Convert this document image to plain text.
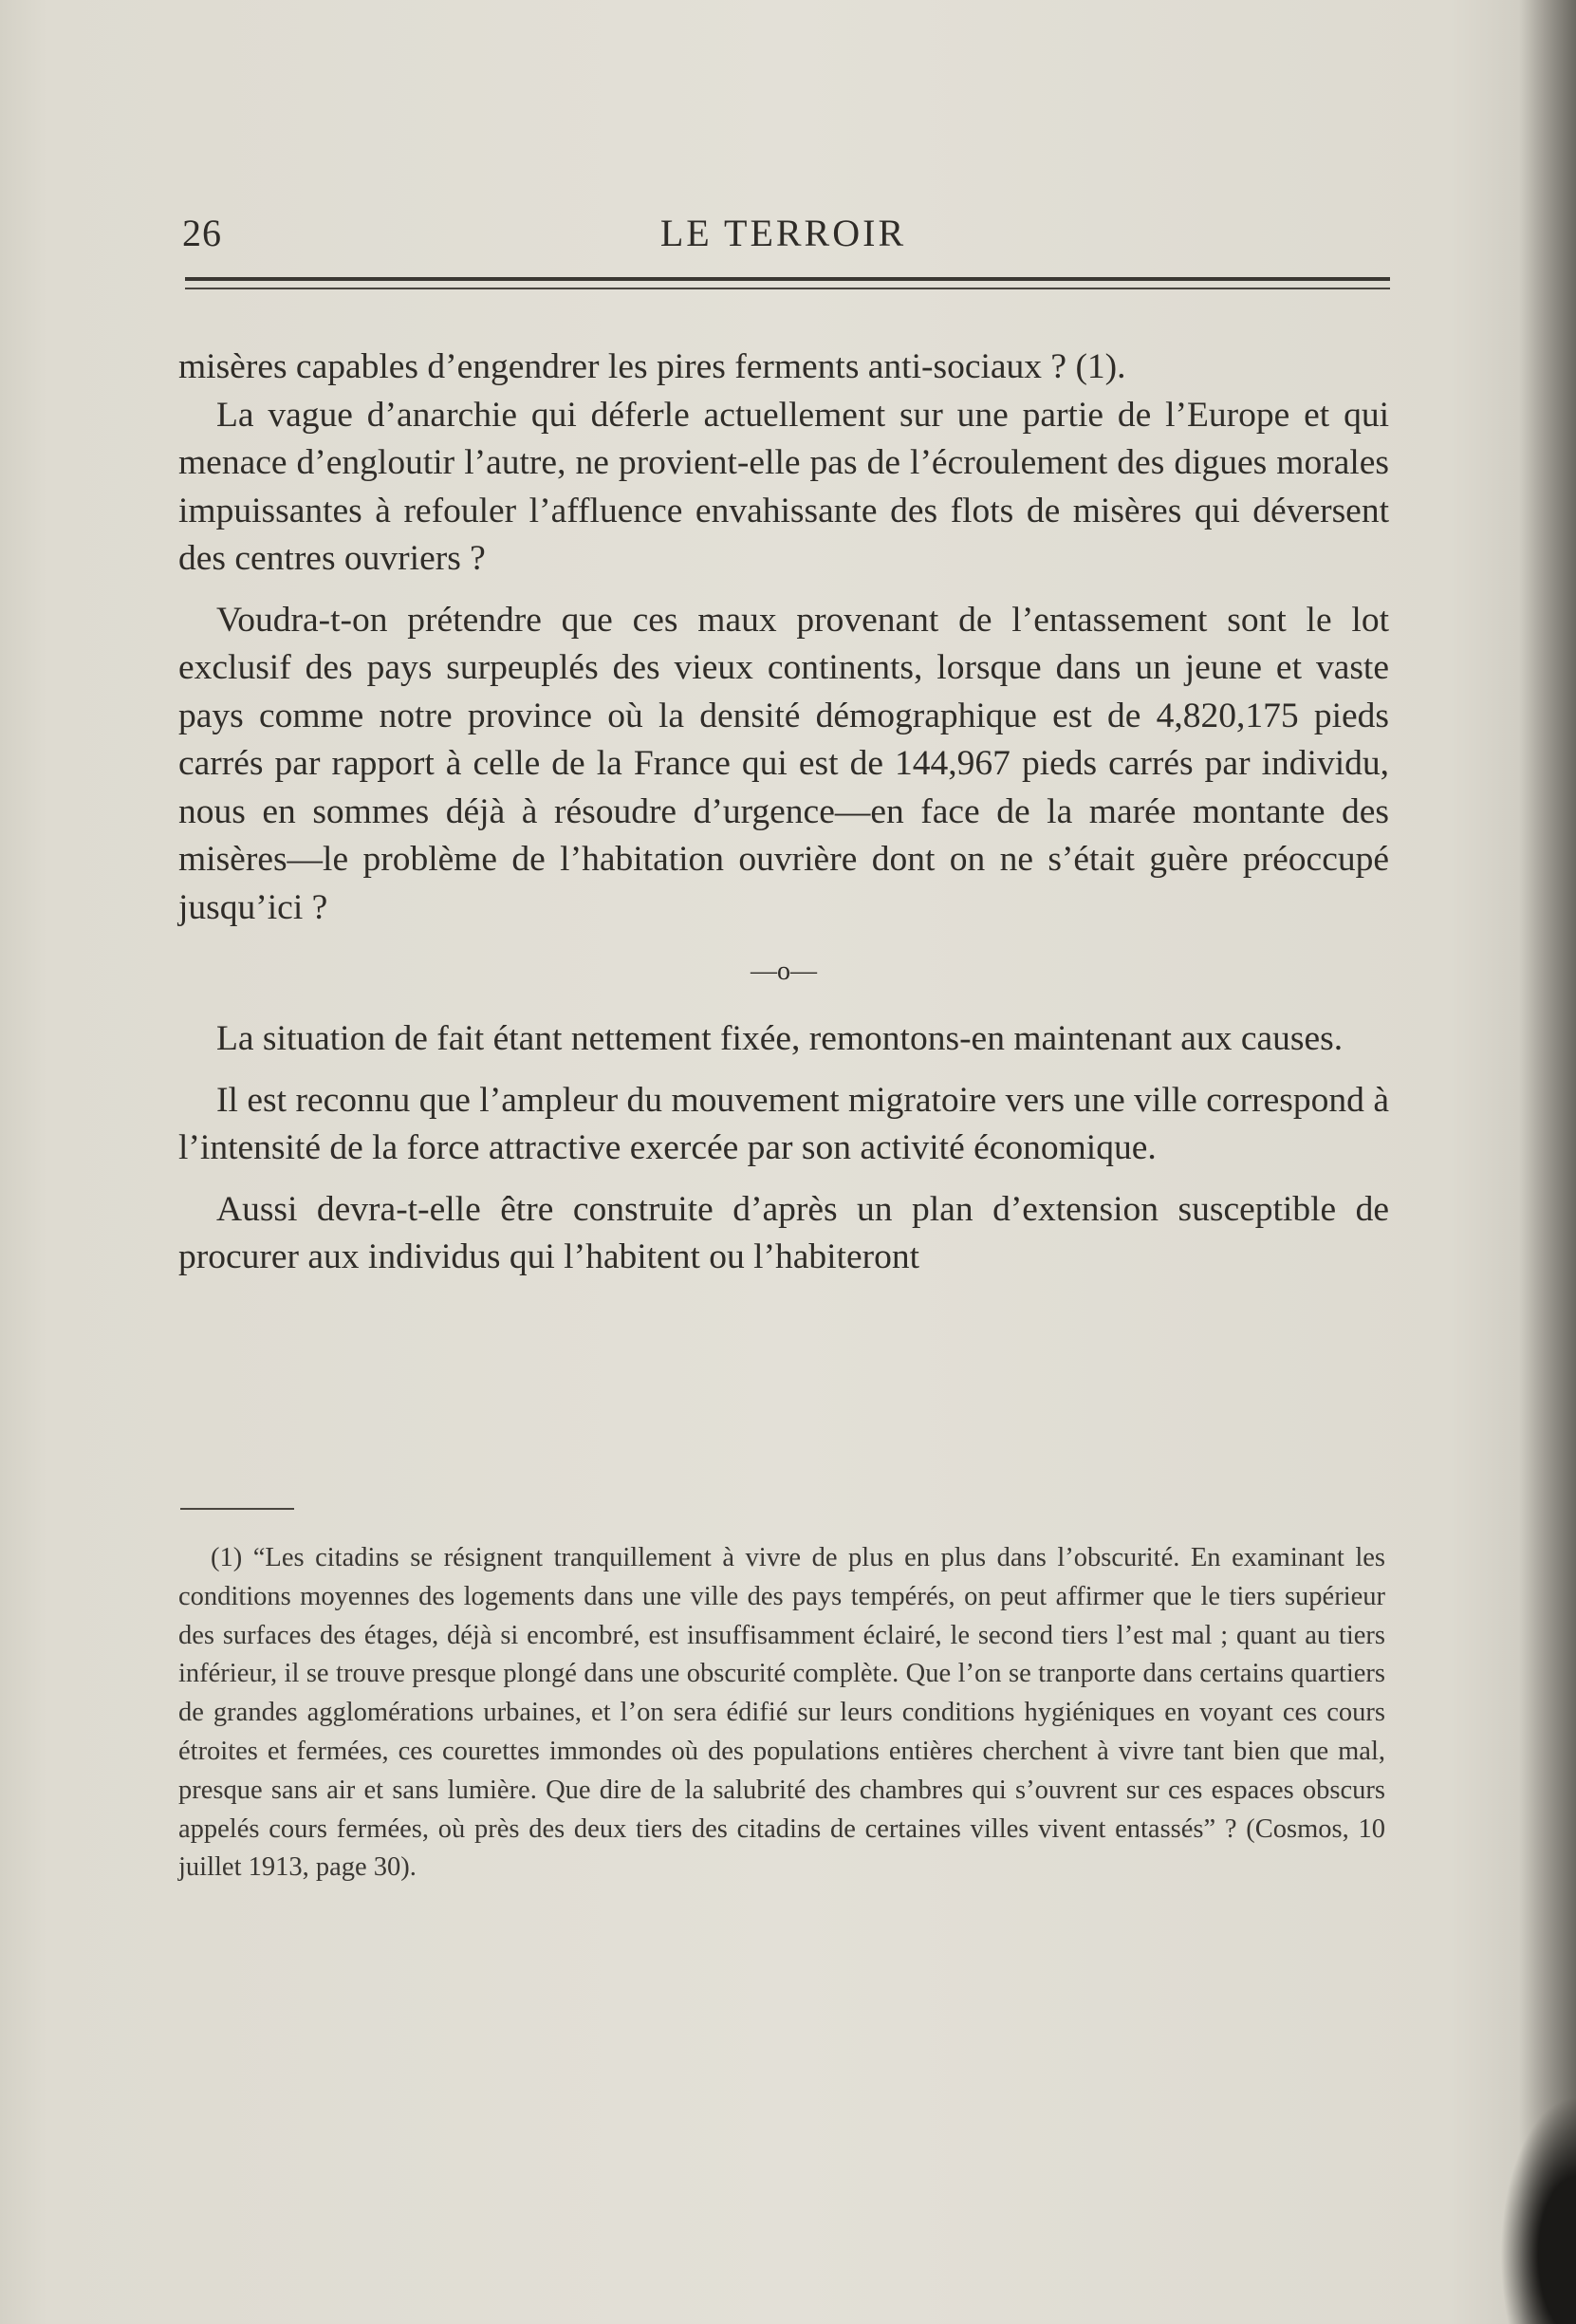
26	LE TERROIR

misères capables d’engendrer les pires ferments anti-sociaux ? (1).

La vague d’anarchie qui déferle actuellement sur une partie de l’Europe et qui menace d’engloutir l’autre, ne provient-elle pas de l’écroulement des digues morales impuissantes à refouler l’affluence envahissante des flots de misères qui déversent des centres ouvriers ?

Voudra-t-on prétendre que ces maux provenant de l’entassement sont le lot exclusif des pays surpeuplés des vieux continents, lorsque dans un jeune et vaste pays comme notre province où la densité démographique est de 4,820,175 pieds carrés par rapport à celle de la France qui est de 144,967 pieds carrés par individu, nous en sommes déjà à résoudre d’urgence—en face de la marée montante des misères—le problème de l’habitation ouvrière dont on ne s’était guère préoccupé jusqu’ici ?

—o—

La situation de fait étant nettement fixée, remontons-en maintenant aux causes.

Il est reconnu que l’ampleur du mouvement migratoire vers une ville correspond à l’intensité de la force attractive exercée par son activité économique.

Aussi devra-t-elle être construite d’après un plan d’extension susceptible de procurer aux individus qui l’habitent ou l’habiteront

(1) “Les citadins se résignent tranquillement à vivre de plus en plus dans l’obscurité. En examinant les conditions moyennes des logements dans une ville des pays tempérés, on peut affirmer que le tiers supérieur des surfaces des étages, déjà si encombré, est insuffisamment éclairé, le second tiers l’est mal ; quant au tiers inférieur, il se trouve presque plongé dans une obscurité complète. Que l’on se tranporte dans certains quartiers de grandes agglomérations urbaines, et l’on sera édifié sur leurs conditions hygiéniques en voyant ces cours étroites et fermées, ces courettes immondes où des populations entières cherchent à vivre tant bien que mal, presque sans air et sans lumière. Que dire de la salubrité des chambres qui s’ouvrent sur ces espaces obscurs appelés cours fermées, où près des deux tiers des citadins de certaines villes vivent entassés” ? (Cosmos, 10 juillet 1913, page 30).
